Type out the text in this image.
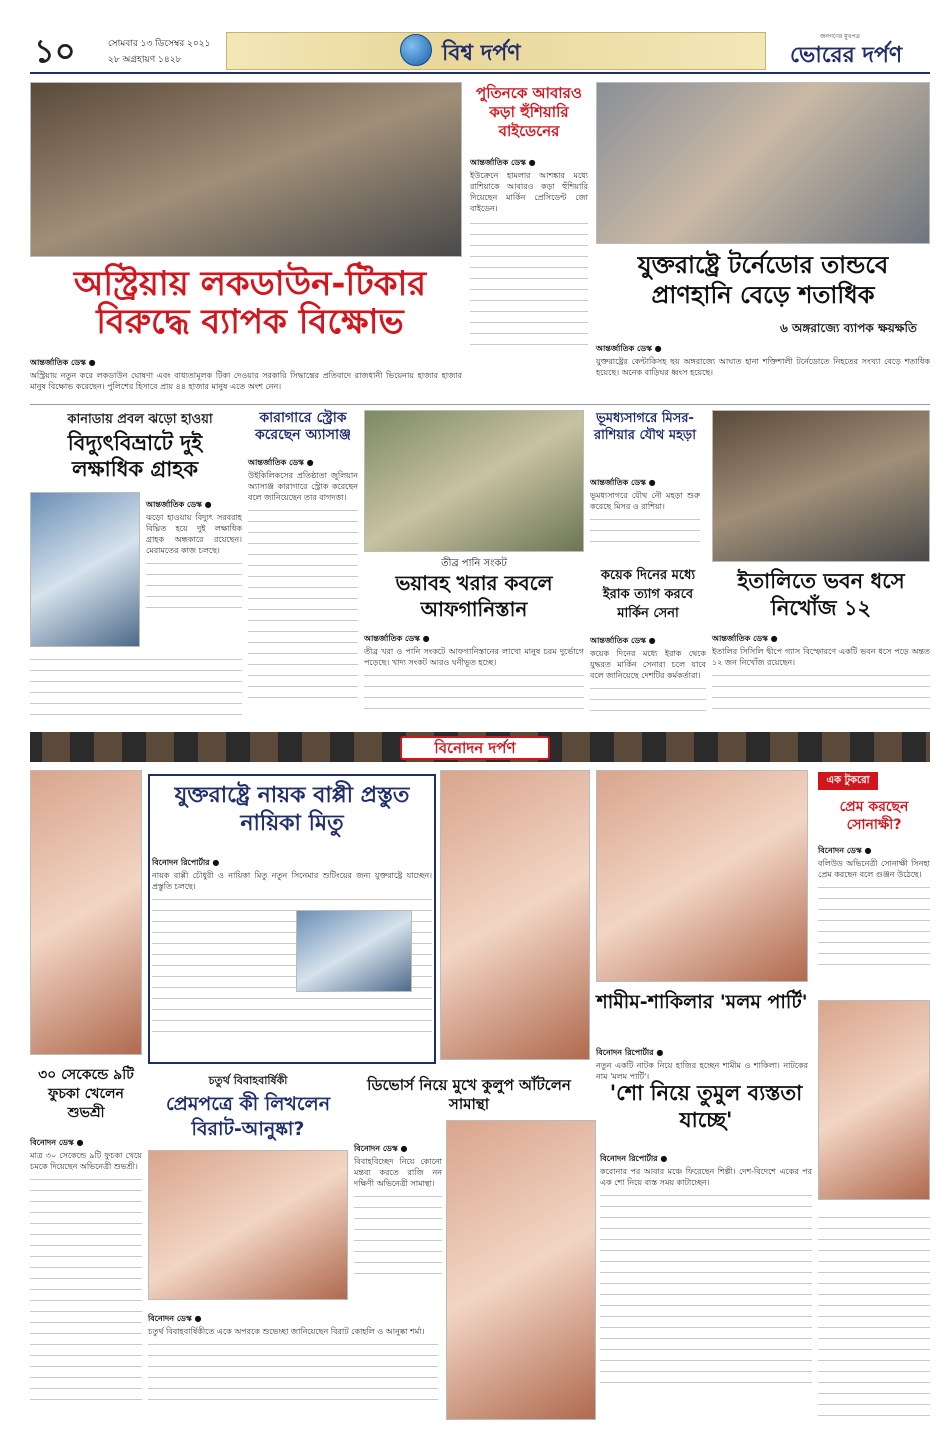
১০	সোমবার ১৩ ডিসেম্বর ২০২১
২৮ অগ্রহায়ণ ১৪২৮	বিশ্ব দর্পণ
জনগণের মুখপত্র
ভোরের দর্পণ
অস্ট্রিয়ায় লকডাউন-টিকার বিরুদ্ধে ব্যাপক বিক্ষোভ
আন্তর্জাতিক ডেস্ক ●
অস্ট্রিয়ায় নতুন করে লকডাউন ঘোষণা এবং বাধ্যতামূলক টিকা দেওয়ার সরকারি সিদ্ধান্তের প্রতিবাদে রাজধানী ভিয়েনায় হাজার হাজার মানুষ বিক্ষোভ করেছেন। পুলিশের হিসাবে প্রায় ৪৪ হাজার মানুষ এতে অংশ নেন।
পুতিনকে আবারও কড়া হুঁশিয়ারি বাইডেনের
আন্তর্জাতিক ডেস্ক ●
ইউক্রেনে হামলার আশঙ্কার মধ্যে রাশিয়াকে আবারও কড়া হুঁশিয়ারি দিয়েছেন মার্কিন প্রেসিডেন্ট জো বাইডেন।
যুক্তরাষ্ট্রে টর্নেডোর তান্ডবে প্রাণহানি বেড়ে শতাধিক
৬ অঙ্গরাজ্যে ব্যাপক ক্ষয়ক্ষতি
আন্তর্জাতিক ডেস্ক ●
যুক্তরাষ্ট্রের কেন্টাকিসহ ছয় অঙ্গরাজ্যে আঘাত হানা শক্তিশালী টর্নেডোতে নিহতের সংখ্যা বেড়ে শতাধিক হয়েছে। অনেক বাড়িঘর ধ্বংস হয়েছে।
কানাডায় প্রবল ঝড়ো হাওয়া
বিদ্যুৎবিভ্রাটে দুই লক্ষাধিক গ্রাহক
আন্তর্জাতিক ডেস্ক ●
ঝড়ো হাওয়ায় বিদ্যুৎ সরবরাহ বিঘ্নিত হয়ে দুই লক্ষাধিক গ্রাহক অন্ধকারে রয়েছেন। মেরামতের কাজ চলছে।
কারাগারে স্ট্রোক করেছেন অ্যাসাঞ্জ
আন্তর্জাতিক ডেস্ক ●
উইকিলিকসের প্রতিষ্ঠাতা জুলিয়ান অ্যাসাঞ্জ কারাগারে স্ট্রোক করেছেন বলে জানিয়েছেন তার বাগদত্তা।
তীব্র পানি সংকট
ভয়াবহ খরার কবলে আফগানিস্তান
আন্তর্জাতিক ডেস্ক ●
তীব্র খরা ও পানি সংকটে আফগানিস্তানের লাখো মানুষ চরম দুর্ভোগে পড়েছে। খাদ্য সংকট আরও ঘনীভূত হচ্ছে।
ভূমধ্যসাগরে মিসর-রাশিয়ার যৌথ মহড়া
আন্তর্জাতিক ডেস্ক ●
ভূমধ্যসাগরে যৌথ নৌ মহড়া শুরু করেছে মিসর ও রাশিয়া।
কয়েক দিনের মধ্যে ইরাক ত্যাগ করবে মার্কিন সেনা
আন্তর্জাতিক ডেস্ক ●
কয়েক দিনের মধ্যে ইরাক থেকে যুদ্ধরত মার্কিন সেনারা চলে যাবে বলে জানিয়েছে দেশটির কর্মকর্তারা।
ইতালিতে ভবন ধসে নিখোঁজ ১২
আন্তর্জাতিক ডেস্ক ●
ইতালির সিসিলি দ্বীপে গ্যাস বিস্ফোরণে একটি ভবন ধসে পড়ে অন্তত ১২ জন নিখোঁজ রয়েছেন।
বিনোদন দর্পণ
যুক্তরাষ্ট্রে নায়ক বাপ্পী প্রস্তুত নায়িকা মিতু
বিনোদন রিপোর্টার ●
নায়ক বাপ্পী চৌধুরী ও নায়িকা মিতু নতুন সিনেমার শুটিংয়ের জন্য যুক্তরাষ্ট্রে যাচ্ছেন। প্রস্তুতি চলছে।
শামীম-শাকিলার 'মলম পার্টি'
বিনোদন রিপোর্টার ●
নতুন একটি নাটক নিয়ে হাজির হচ্ছেন শামীম ও শাকিলা। নাটকের নাম 'মলম পার্টি'।
এক টুকরো
প্রেম করছেন সোনাক্ষী?
বিনোদন ডেস্ক ●
বলিউড অভিনেত্রী সোনাক্ষী সিনহা প্রেম করছেন বলে গুঞ্জন উঠেছে।
৩০ সেকেন্ডে ৯টি ফুচকা খেলেন শুভশ্রী
বিনোদন ডেস্ক ●
মাত্র ৩০ সেকেন্ডে ৯টি ফুচকা খেয়ে চমকে দিয়েছেন অভিনেত্রী শুভশ্রী।
চতুর্থ বিবাহবার্ষিকী
প্রেমপত্রে কী লিখলেন বিরাট-আনুষ্কা?
বিনোদন ডেস্ক ●
চতুর্থ বিবাহবার্ষিকীতে একে অপরকে শুভেচ্ছা জানিয়েছেন বিরাট কোহলি ও আনুষ্কা শর্মা।
ডিভোর্স নিয়ে মুখে কুলুপ আঁটলেন সামান্থা
বিনোদন ডেস্ক ●
বিবাহবিচ্ছেদ নিয়ে কোনো মন্তব্য করতে রাজি নন দক্ষিণী অভিনেত্রী সামান্থা।
'শো নিয়ে তুমুল ব্যস্ততা যাচ্ছে'
বিনোদন রিপোর্টার ●
করোনার পর আবার মঞ্চে ফিরেছেন শিল্পী। দেশ-বিদেশে একের পর এক শো নিয়ে ব্যস্ত সময় কাটাচ্ছেন।
